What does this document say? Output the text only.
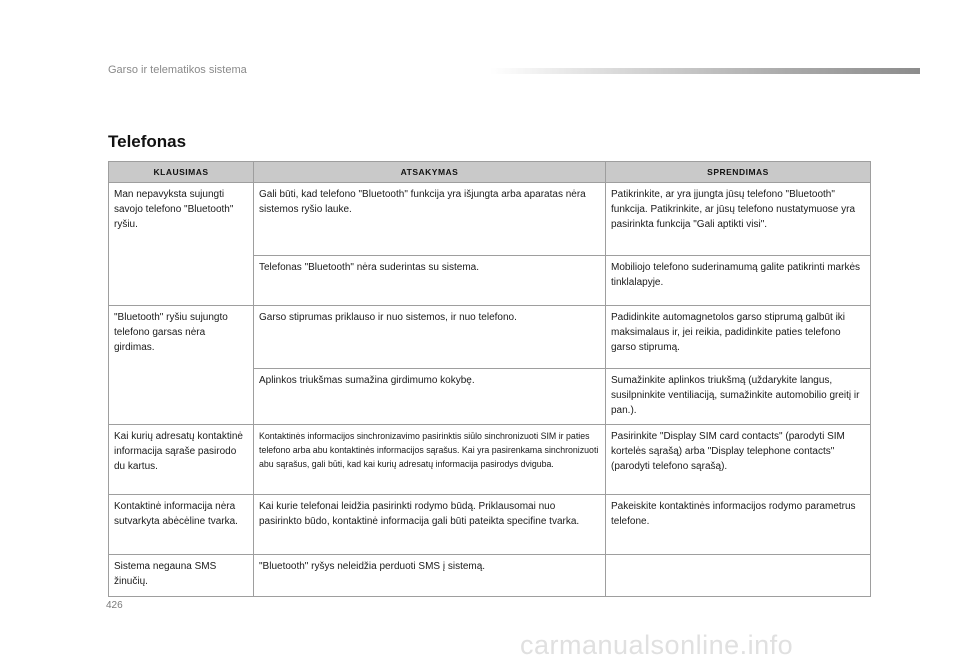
Garso ir telematikos sistema
Telefonas
KLAUSIMAS	ATSAKYMAS	SPRENDIMAS
Man nepavyksta sujungti savojo telefono "Bluetooth" ryšiu.	Gali būti, kad telefono "Bluetooth" funkcija yra išjungta arba aparatas nėra sistemos ryšio lauke.	Patikrinkite, ar yra įjungta jūsų telefono "Bluetooth" funkcija. Patikrinkite, ar jūsų telefono nustatymuose yra pasirinkta funkcija "Gali aptikti visi".
	Telefonas "Bluetooth" nėra suderintas su sistema.	Mobiliojo telefono suderinamumą galite patikrinti markės tinklalapyje.
"Bluetooth" ryšiu sujungto telefono garsas nėra girdimas.	Garso stiprumas priklauso ir nuo sistemos, ir nuo telefono.	Padidinkite automagnetolos garso stiprumą galbūt iki maksimalaus ir, jei reikia, padidinkite paties telefono garso stiprumą.
	Aplinkos triukšmas sumažina girdimumo kokybę.	Sumažinkite aplinkos triukšmą (uždarykite langus, susilpninkite ventiliaciją, sumažinkite automobilio greitį ir pan.).
Kai kurių adresatų kontaktinė informacija sąraše pasirodo du kartus.	Kontaktinės informacijos sinchronizavimo pasirinktis siūlo sinchronizuoti SIM ir paties telefono arba abu kontaktinės informacijos sąrašus. Kai yra pasirenkama sinchronizuoti abu sąrašus, gali būti, kad kai kurių adresatų informacija pasirodys dviguba.	Pasirinkite "Display SIM card contacts" (parodyti SIM kortelės sąrašą) arba "Display telephone contacts" (parodyti telefono sąrašą).
Kontaktinė informacija nėra sutvarkyta abėcėline tvarka.	Kai kurie telefonai leidžia pasirinkti rodymo būdą. Priklausomai nuo pasirinkto būdo, kontaktinė informacija gali būti pateikta specifine tvarka.	Pakeiskite kontaktinės informacijos rodymo parametrus telefone.
Sistema negauna SMS žinučių.	"Bluetooth" ryšys neleidžia perduoti SMS į sistemą.	
426
carmanualsonline.info
